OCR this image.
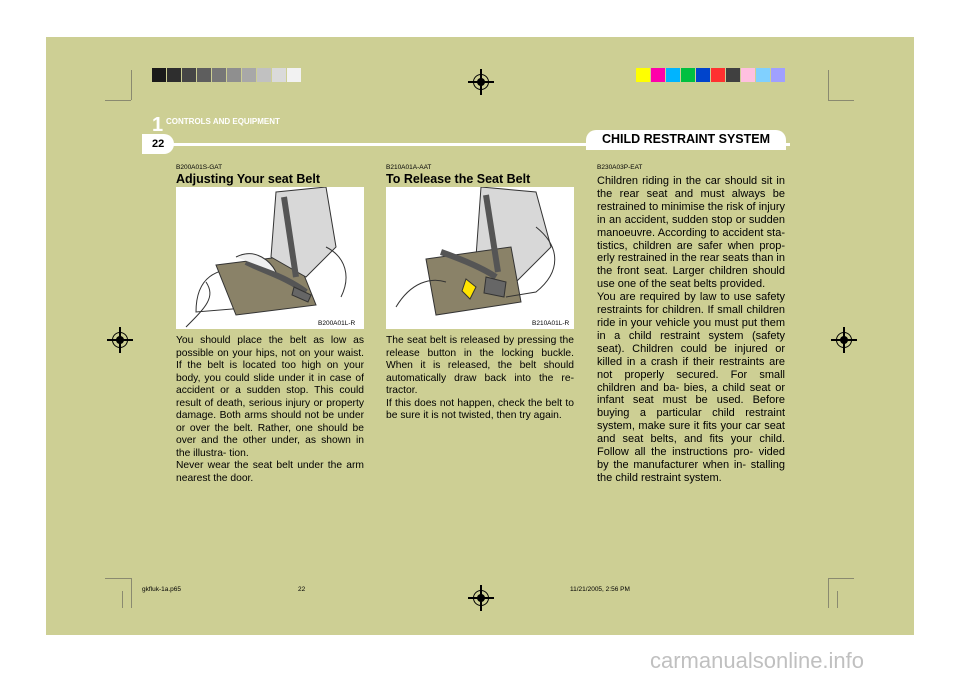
1 CONTROLS AND EQUIPMENT
22	CHILD RESTRAINT SYSTEM
B200A01S-GAT
Adjusting Your seat Belt
B200A01L-R
You should place the belt as low as possible on your hips, not on your waist. If the belt is located too high on your body, you could slide under it in case of accident or a sudden stop. This could result of death, serious injury or property damage. Both arms should not be under or over the belt. Rather, one should be over and the other under, as shown in the illustra- tion.
Never wear the seat belt under the arm nearest the door.
B210A01A-AAT
To Release the Seat Belt
B210A01L-R
The seat belt is released by pressing the release button in the locking buckle. When it is released, the belt should automatically draw back into the re- tractor.
If this does not happen, check the belt to be sure it is not twisted, then try again.
B230A03P-EAT
Children riding in the car should sit in the rear seat and must always be restrained to minimise the risk of injury in an accident, sudden stop or sudden manoeuvre. According to accident sta- tistics, children are safer when prop- erly restrained in the rear seats than in the front seat. Larger children should use one of the seat belts provided.
You are required by law to use safety restraints for children. If small children ride in your vehicle you must put them in a child restraint system (safety seat). Children could be injured or killed in a crash if their restraints are not properly secured. For small children and ba- bies, a child seat or infant seat must be used. Before buying a particular child restraint system, make sure it fits your car seat and seat belts, and fits your child. Follow all the instructions pro- vided by the manufacturer when in- stalling the child restraint system.
gkfluk-1a.p65	22	11/21/2005, 2:56 PM
carmanualsonline.info
